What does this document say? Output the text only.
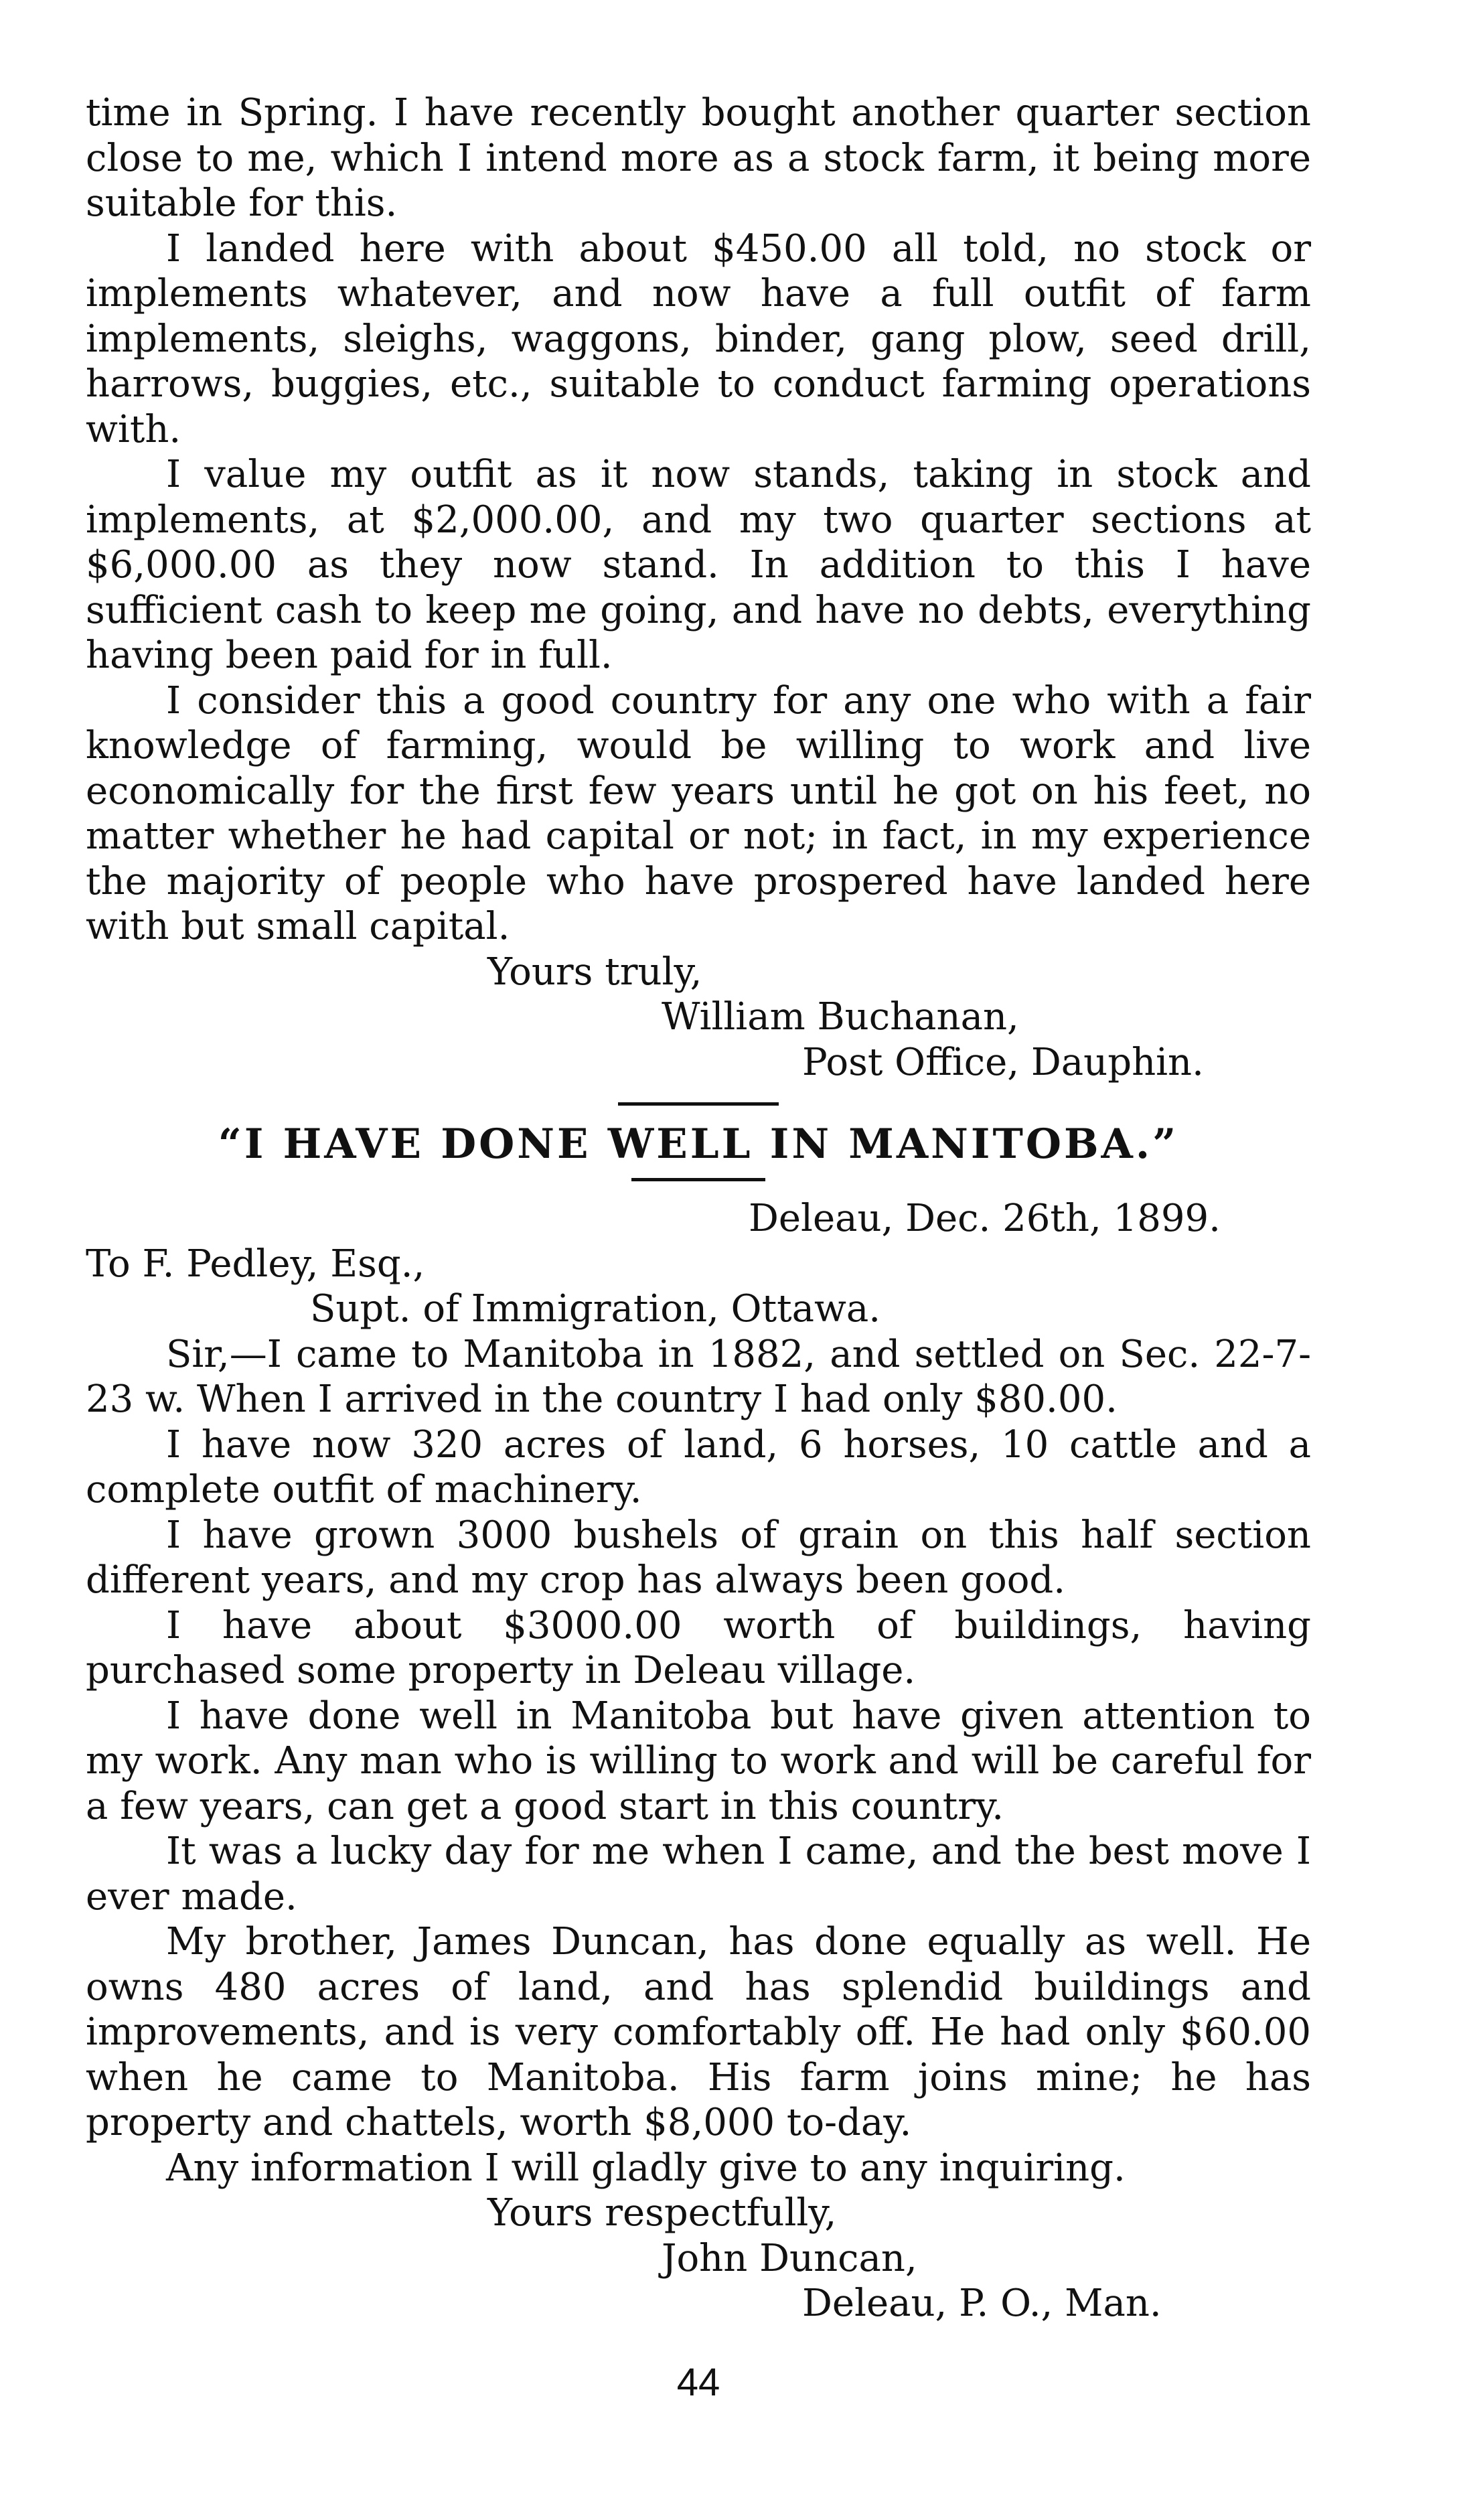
time in Spring. I have recently bought another quarter section close to me, which I intend more as a stock farm, it being more suitable for this.

I landed here with about $450.00 all told, no stock or implements whatever, and now have a full outfit of farm implements, sleighs, waggons, binder, gang plow, seed drill, harrows, buggies, etc., suitable to conduct farming operations with.

I value my outfit as it now stands, taking in stock and implements, at $2,000.00, and my two quarter sections at $6,000.00 as they now stand. In addition to this I have sufficient cash to keep me going, and have no debts, everything having been paid for in full.

I consider this a good country for any one who with a fair knowledge of farming, would be willing to work and live economically for the first few years until he got on his feet, no matter whether he had capital or not; in fact, in my experience the majority of people who have prospered have landed here with but small capital.

Yours truly,

William Buchanan,

Post Office, Dauphin.

“I HAVE DONE WELL IN MANITOBA.”

Deleau, Dec. 26th, 1899.

To F. Pedley, Esq.,

Supt. of Immigration, Ottawa.

Sir,—I came to Manitoba in 1882, and settled on Sec. 22-7-23 w. When I arrived in the country I had only $80.00.

I have now 320 acres of land, 6 horses, 10 cattle and a complete outfit of machinery.

I have grown 3000 bushels of grain on this half section different years, and my crop has always been good.

I have about $3000.00 worth of buildings, having purchased some property in Deleau village.

I have done well in Manitoba but have given attention to my work. Any man who is willing to work and will be careful for a few years, can get a good start in this country.

It was a lucky day for me when I came, and the best move I ever made.

My brother, James Duncan, has done equally as well. He owns 480 acres of land, and has splendid buildings and improvements, and is very comfortably off. He had only $60.00 when he came to Manitoba. His farm joins mine; he has property and chattels, worth $8,000 to-day.

Any information I will gladly give to any inquiring.

Yours respectfully,

John Duncan,

Deleau, P. O., Man.

44
